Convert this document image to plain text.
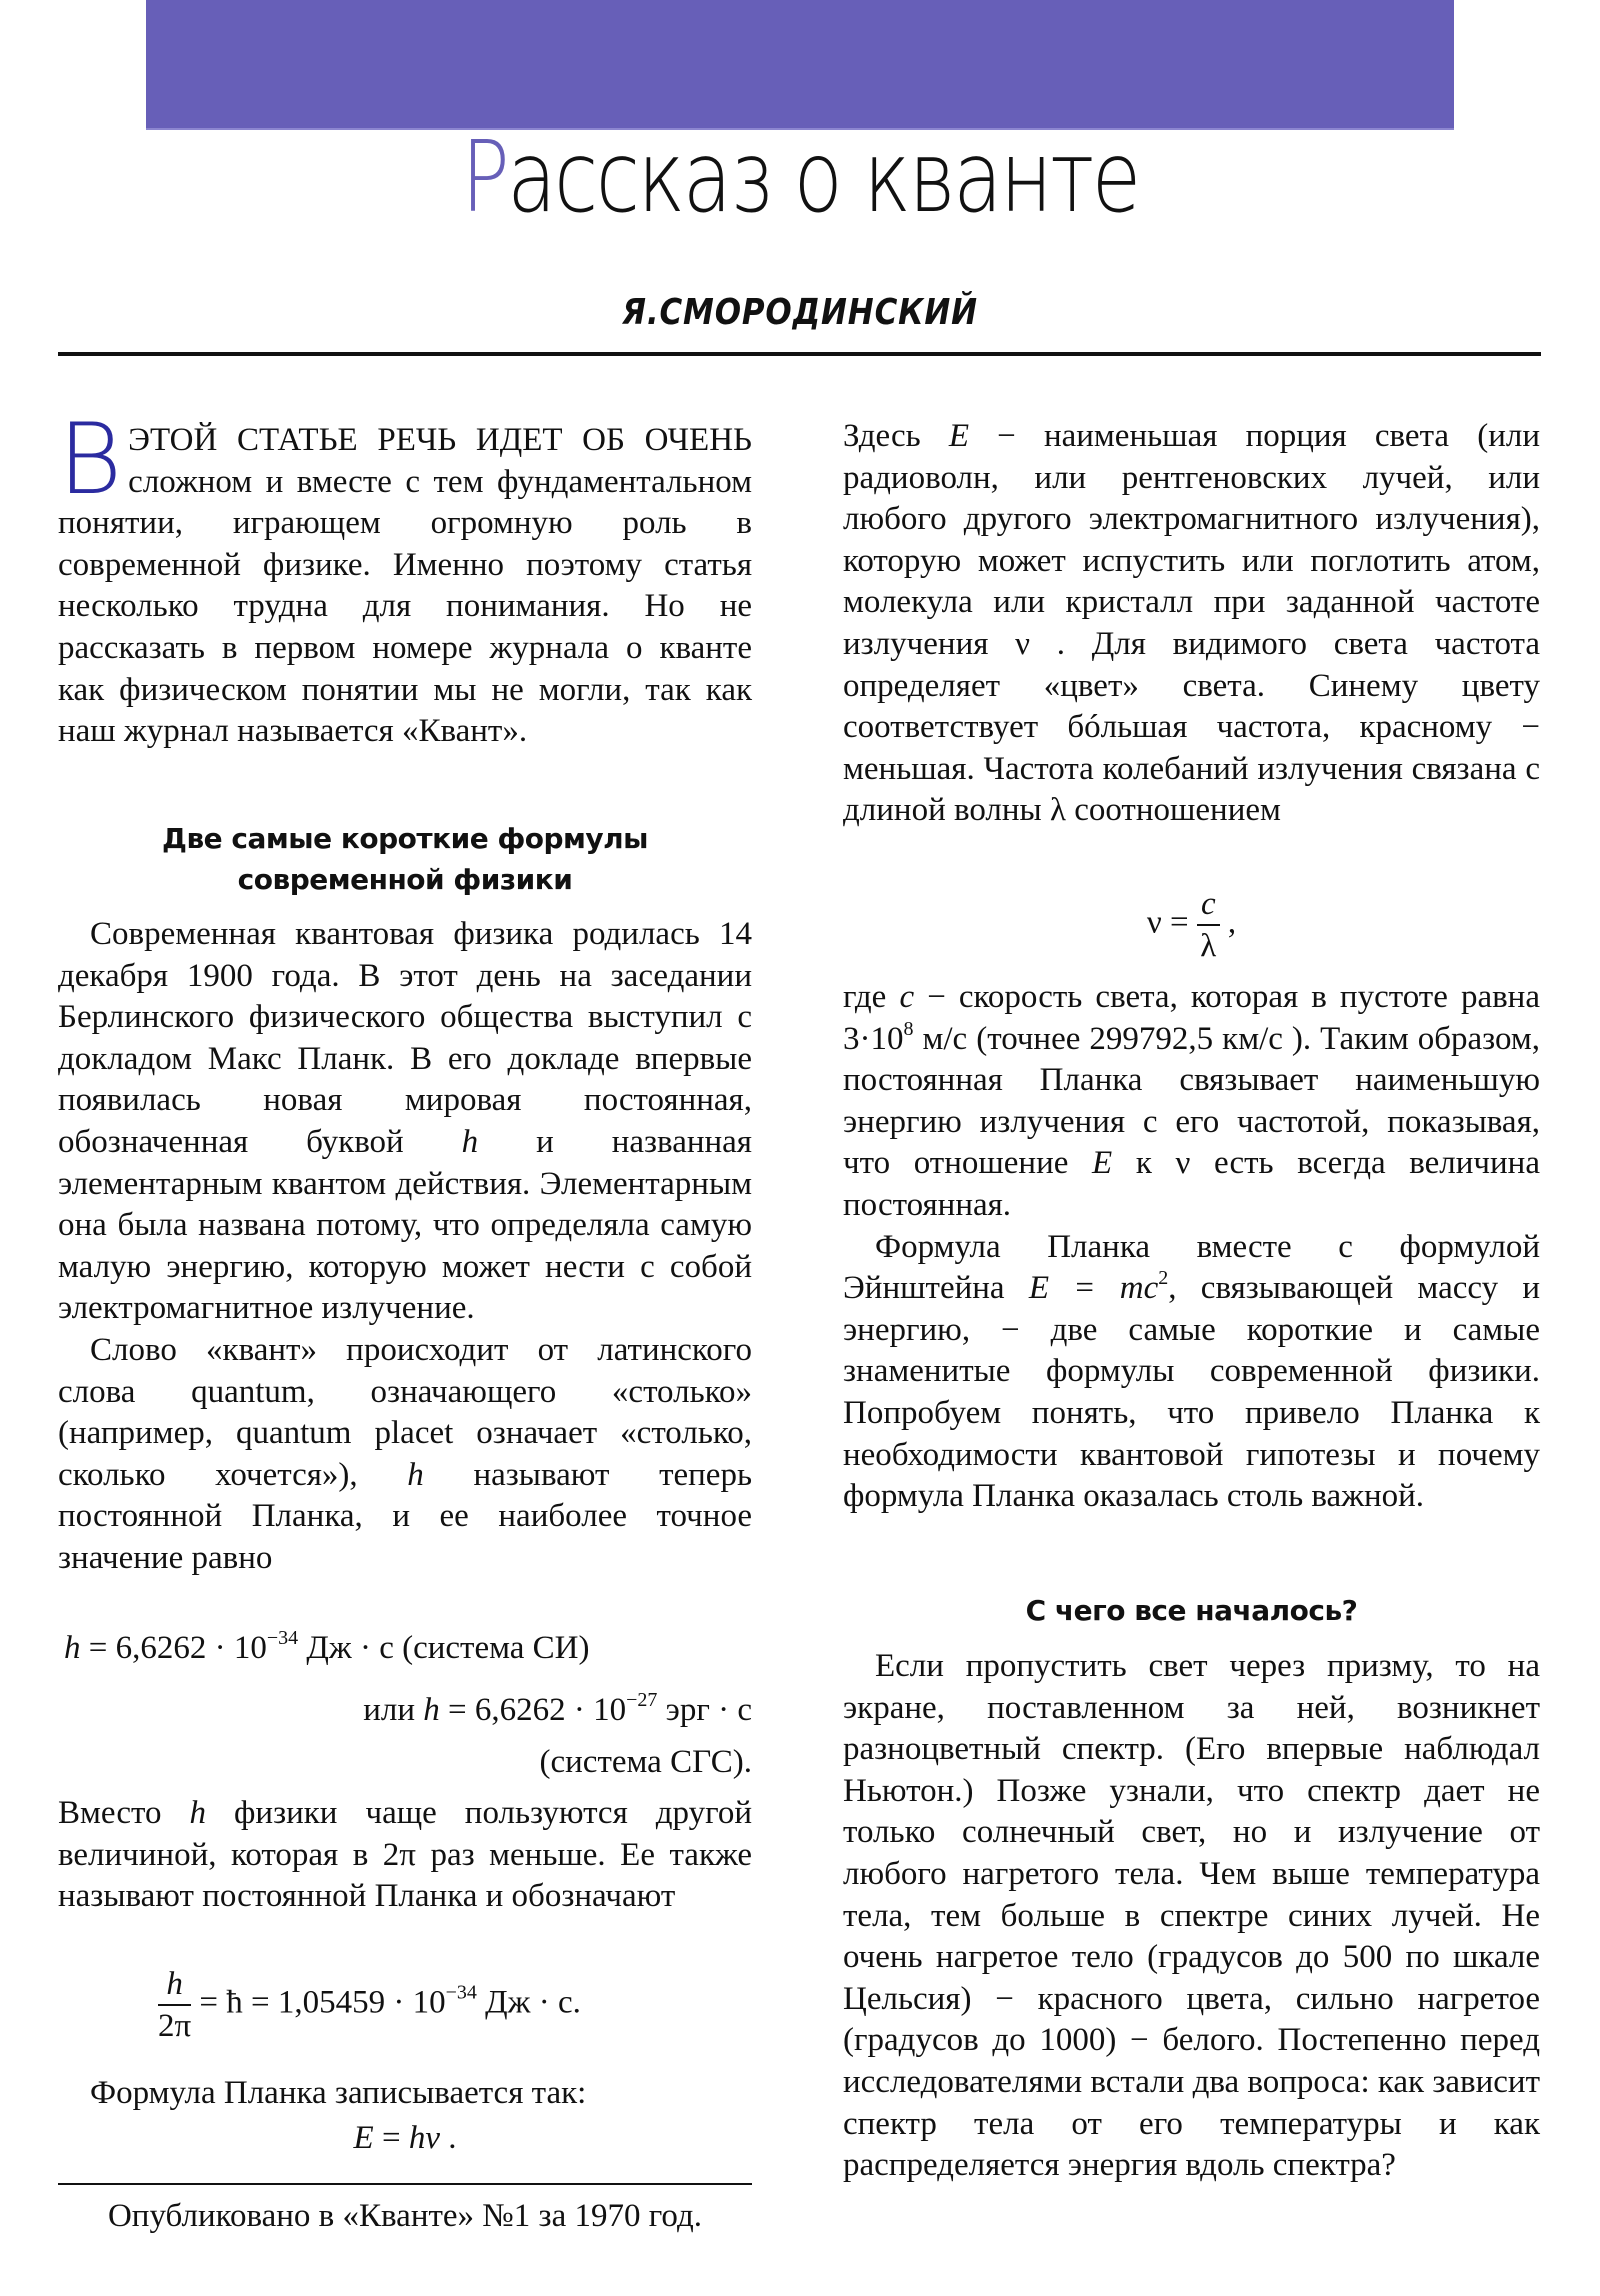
Рассказ о кванте
Я.СМОРОДИНСКИЙ
В ЭТОЙ СТАТЬЕ РЕЧЬ ИДЕТ ОБ ОЧЕНЬ сложном и вместе с тем фундаментальном понятии, играющем огромную роль в современной физике. Именно поэтому статья несколько трудна для понимания. Но не рассказать в первом номере журнала о кванте как физическом понятии мы не могли, так как наш журнал называется «Квант».

Две самые короткие формулы
современной физики

Современная квантовая физика родилась 14 декабря 1900 года. В этот день на заседании Берлинского физического общества выступил с докладом Макс Планк. В его докладе впервые появилась новая мировая постоянная, обозначенная буквой h и названная элементарным квантом действия. Элементарным она была названа потому, что определяла самую малую энергию, которую может нести с собой электромагнитное излучение.

Слово «квант» происходит от латинского слова quantum, означающего «столько» (например, quantum placet означает «столько, сколько хочется»), h называют теперь постоянной Планка, и ее наиболее точное значение равно

$h = 6,6262 \cdot 10^{-34}$ Дж · с (система СИ)
или $h = 6,6262 \cdot 10^{-27}$ эрг · с
(система СГС).

Вместо h физики чаще пользуются другой величиной, которая в 2π раз меньше. Ее также называют постоянной Планка и обозначают

$\frac{h}{2\pi}$ = ħ = $1,05459 \cdot 10^{-34}$ Дж · с.

Формула Планка записывается так:

E = hν .
Опубликовано в «Кванте» №1 за 1970 год.

Здесь E − наименьшая порция света (или радиоволн, или рентгеновских лучей, или любого другого электромагнитного излучения), которую может испустить или поглотить атом, молекула или кристалл при заданной частоте излучения ν . Для видимого света частота определяет «цвет» света. Синему цвету соответствует бóльшая частота, красному − меньшая. Частота колебаний излучения связана с длиной волны λ соотношением

$\nu = \frac{c}{\lambda}$ ,

где c − скорость света, которая в пустоте равна $3\cdot 10^8$ м/с (точнее 299792,5 км/с ). Таким образом, постоянная Планка связывает наименьшую энергию излучения с его частотой, показывая, что отношение E к ν есть всегда величина постоянная.

Формула Планка вместе с формулой Эйнштейна $E = mc^2$, связывающей массу и энергию, − две самые короткие и самые знаменитые формулы современной физики. Попробуем понять, что привело Планка к необходимости квантовой гипотезы и почему формула Планка оказалась столь важной.

С чего все началось?

Если пропустить свет через призму, то на экране, поставленном за ней, возникнет разноцветный спектр. (Его впервые наблюдал Ньютон.) Позже узнали, что спектр дает не только солнечный свет, но и излучение от любого нагретого тела. Чем выше температура тела, тем больше в спектре синих лучей. Не очень нагретое тело (градусов до 500 по шкале Цельсия) − красного цвета, сильно нагретое (градусов до 1000) − белого. Постепенно перед исследователями встали два вопроса: как зависит спектр тела от его температуры и как распределяется энергия вдоль спектра?
